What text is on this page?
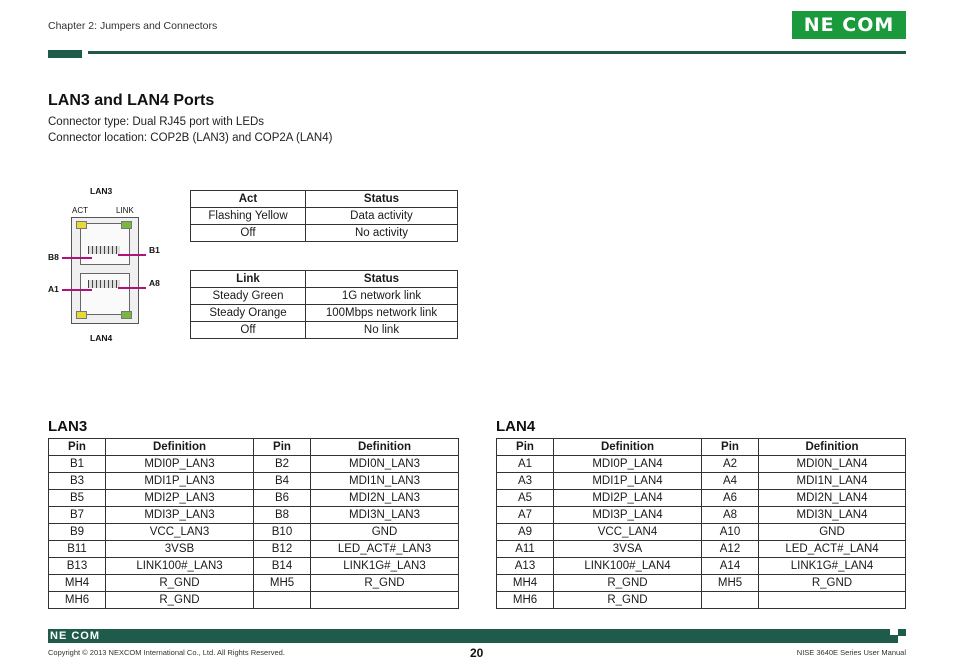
Chapter 2: Jumpers and Connectors	NE COM
LAN3 and LAN4 Ports
Connector type: Dual RJ45 port with LEDs
Connector location: COP2B (LAN3) and COP2A (LAN4)
LAN3
ACT	LINK
B8
B1
A1
A8
LAN4
Act	Status
Flashing Yellow	Data activity
Off	No activity
Link	Status
Steady Green	1G network link
Steady Orange	100Mbps network link
Off	No link
LAN3
Pin	Definition	Pin	Definition
B1	MDI0P_LAN3	B2	MDI0N_LAN3
B3	MDI1P_LAN3	B4	MDI1N_LAN3
B5	MDI2P_LAN3	B6	MDI2N_LAN3
B7	MDI3P_LAN3	B8	MDI3N_LAN3
B9	VCC_LAN3	B10	GND
B11	3VSB	B12	LED_ACT#_LAN3
B13	LINK100#_LAN3	B14	LINK1G#_LAN3
MH4	R_GND	MH5	R_GND
MH6	R_GND		
LAN4
Pin	Definition	Pin	Definition
A1	MDI0P_LAN4	A2	MDI0N_LAN4
A3	MDI1P_LAN4	A4	MDI1N_LAN4
A5	MDI2P_LAN4	A6	MDI2N_LAN4
A7	MDI3P_LAN4	A8	MDI3N_LAN4
A9	VCC_LAN4	A10	GND
A11	3VSA	A12	LED_ACT#_LAN4
A13	LINK100#_LAN4	A14	LINK1G#_LAN4
MH4	R_GND	MH5	R_GND
MH6	R_GND		
NE COM
Copyright © 2013 NEXCOM International Co., Ltd. All Rights Reserved.	20	NISE 3640E Series User Manual
